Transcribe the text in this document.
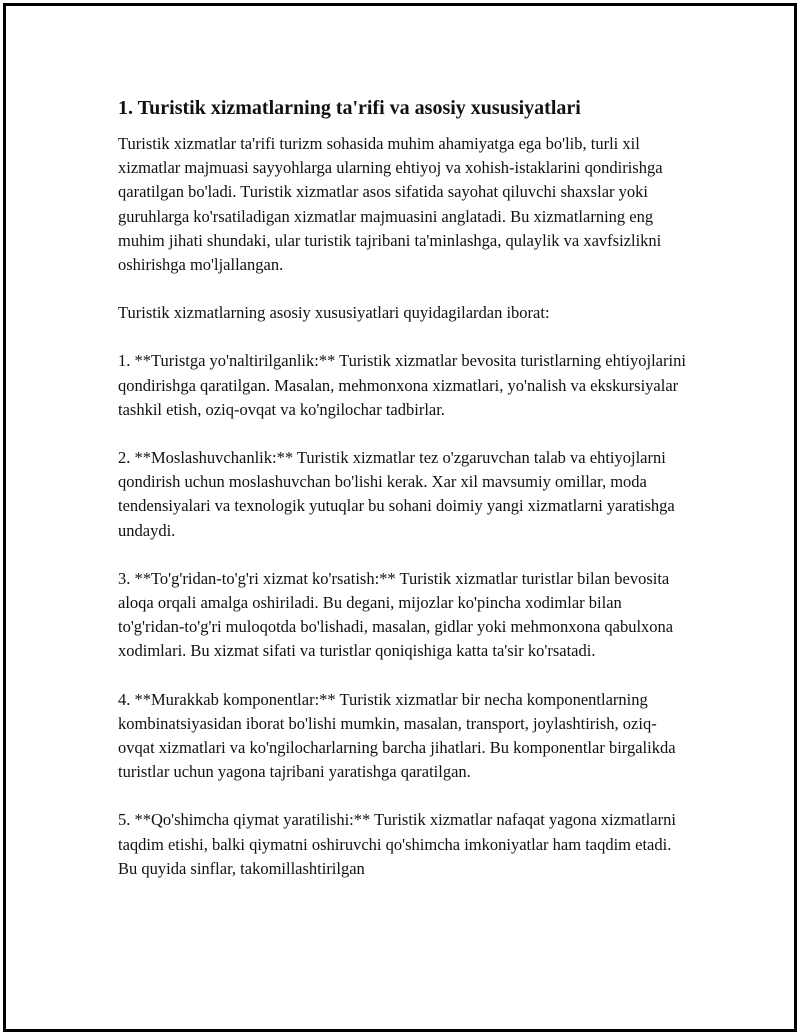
1. Turistik xizmatlarning ta'rifi va asosiy xususiyatlari

Turistik xizmatlar ta'rifi turizm sohasida muhim ahamiyatga ega bo'lib, turli xil xizmatlar majmuasi sayyohlarga ularning ehtiyoj va xohish-istaklarini qondirishga qaratilgan bo'ladi. Turistik xizmatlar asos sifatida sayohat qiluvchi shaxslar yoki guruhlarga ko'rsatiladigan xizmatlar majmuasini anglatadi. Bu xizmatlarning eng muhim jihati shundaki, ular turistik tajribani ta'minlashga, qulaylik va xavfsizlikni oshirishga mo'ljallangan.

Turistik xizmatlarning asosiy xususiyatlari quyidagilardan iborat:

1. **Turistga yo'naltirilganlik:** Turistik xizmatlar bevosita turistlarning ehtiyojlarini qondirishga qaratilgan. Masalan, mehmonxona xizmatlari, yo'nalish va ekskursiyalar tashkil etish, oziq-ovqat va ko'ngilochar tadbirlar.

2. **Moslashuvchanlik:** Turistik xizmatlar tez o'zgaruvchan talab va ehtiyojlarni qondirish uchun moslashuvchan bo'lishi kerak. Xar xil mavsumiy omillar, moda tendensiyalari va texnologik yutuqlar bu sohani doimiy yangi xizmatlarni yaratishga undaydi.

3. **To'g'ridan-to'g'ri xizmat ko'rsatish:** Turistik xizmatlar turistlar bilan bevosita aloqa orqali amalga oshiriladi. Bu degani, mijozlar ko'pincha xodimlar bilan to'g'ridan-to'g'ri muloqotda bo'lishadi, masalan, gidlar yoki mehmonxona qabulxona xodimlari. Bu xizmat sifati va turistlar qoniqishiga katta ta'sir ko'rsatadi.

4. **Murakkab komponentlar:** Turistik xizmatlar bir necha komponentlarning kombinatsiyasidan iborat bo'lishi mumkin, masalan, transport, joylashtirish, oziq-ovqat xizmatlari va ko'ngilocharlarning barcha jihatlari. Bu komponentlar birgalikda turistlar uchun yagona tajribani yaratishga qaratilgan.

5. **Qo'shimcha qiymat yaratilishi:** Turistik xizmatlar nafaqat yagona xizmatlarni taqdim etishi, balki qiymatni oshiruvchi qo'shimcha imkoniyatlar ham taqdim etadi. Bu quyida sinflar, takomillashtirilgan
